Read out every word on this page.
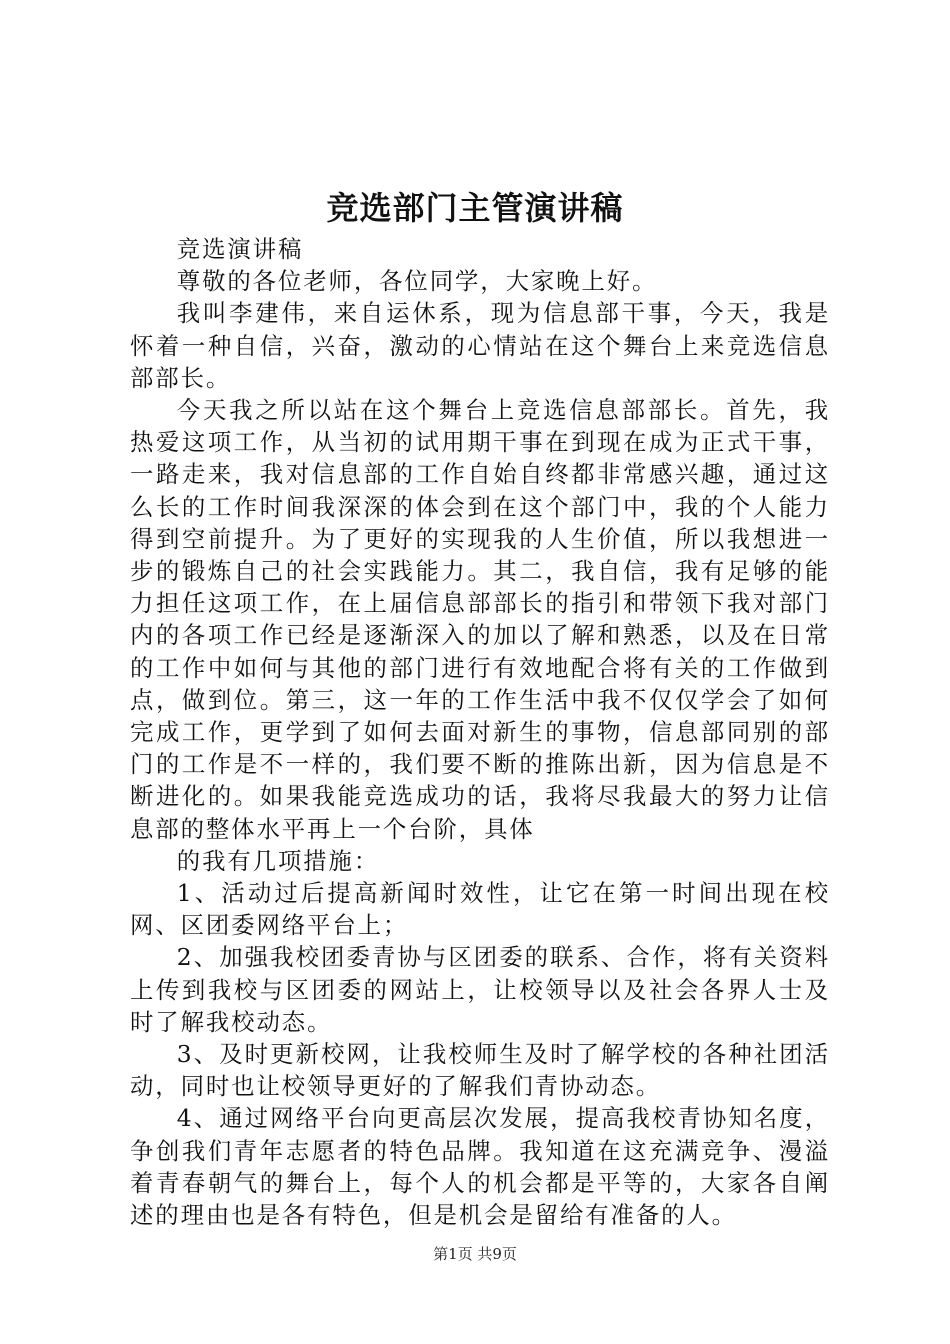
竞选部门主管演讲稿

竞选演讲稿

尊敬的各位老师，各位同学，大家晚上好。

我叫李建伟，来自运休系，现为信息部干事，今天，我是怀着一种自信，兴奋，激动的心情站在这个舞台上来竞选信息部部长。

今天我之所以站在这个舞台上竞选信息部部长。首先，我热爱这项工作，从当初的试用期干事在到现在成为正式干事，一路走来，我对信息部的工作自始自终都非常感兴趣，通过这么长的工作时间我深深的体会到在这个部门中，我的个人能力得到空前提升。为了更好的实现我的人生价值，所以我想进一步的锻炼自己的社会实践能力。其二，我自信，我有足够的能力担任这项工作，在上届信息部部长的指引和带领下我对部门内的各项工作已经是逐渐深入的加以了解和熟悉，以及在日常的工作中如何与其他的部门进行有效地配合将有关的工作做到点，做到位。第三，这一年的工作生活中我不仅仅学会了如何完成工作，更学到了如何去面对新生的事物，信息部同别的部门的工作是不一样的，我们要不断的推陈出新，因为信息是不断进化的。如果我能竞选成功的话，我将尽我最大的努力让信息部的整体水平再上一个台阶，具体

的我有几项措施：

1、活动过后提高新闻时效性，让它在第一时间出现在校网、区团委网络平台上；

2、加强我校团委青协与区团委的联系、合作，将有关资料上传到我校与区团委的网站上，让校领导以及社会各界人士及时了解我校动态。

3、及时更新校网，让我校师生及时了解学校的各种社团活动，同时也让校领导更好的了解我们青协动态。

4、通过网络平台向更高层次发展，提高我校青协知名度，争创我们青年志愿者的特色品牌。我知道在这充满竞争、漫溢着青春朝气的舞台上，每个人的机会都是平等的，大家各自阐述的理由也是各有特色，但是机会是留给有准备的人。

第1页 共9页
